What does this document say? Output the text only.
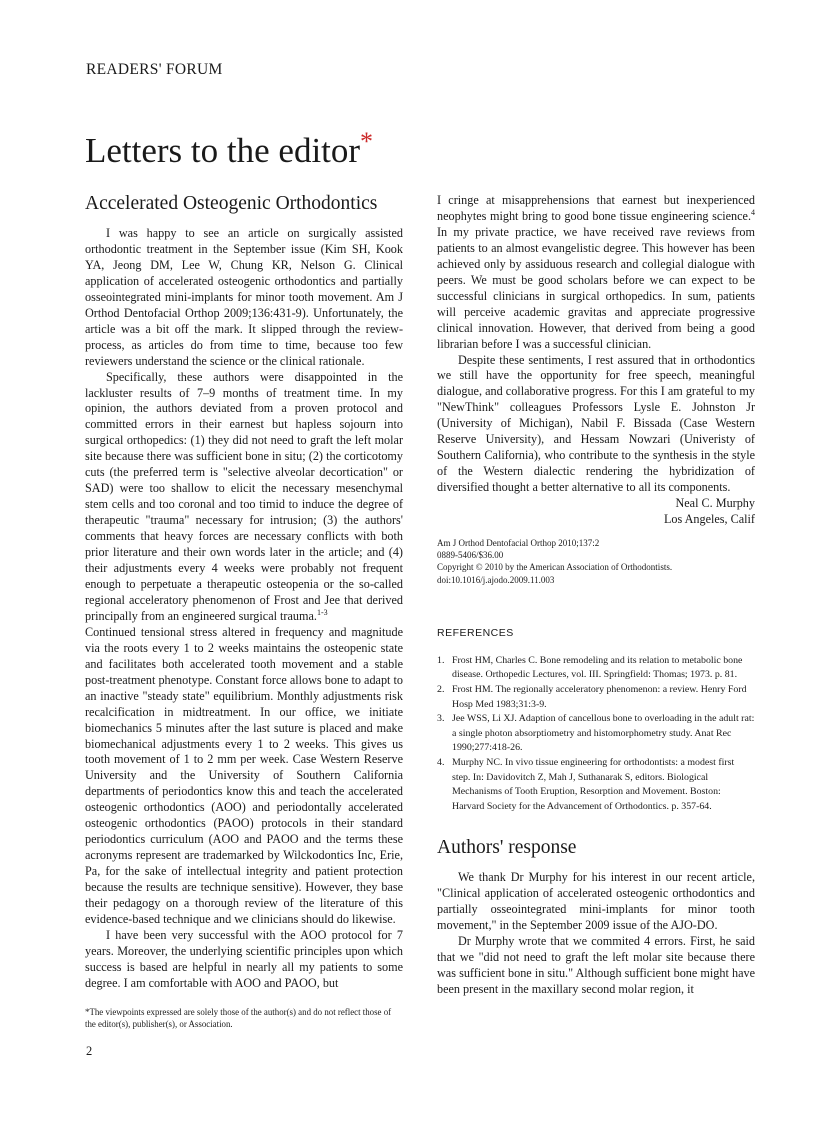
READERS' FORUM
Letters to the editor*
Accelerated Osteogenic Orthodontics

I was happy to see an article on surgically assisted orthodontic treatment in the September issue (Kim SH, Kook YA, Jeong DM, Lee W, Chung KR, Nelson G. Clinical application of accelerated osteogenic orthodontics and partially osseointegrated mini-implants for minor tooth movement. Am J Orthod Dentofacial Orthop 2009;136:431-9). Unfortunately, the article was a bit off the mark. It slipped through the review-process, as articles do from time to time, because too few reviewers understand the science or the clinical rationale.

Specifically, these authors were disappointed in the lackluster results of 7–9 months of treatment time. In my opinion, the authors deviated from a proven protocol and committed errors in their earnest but hapless sojourn into surgical orthopedics: (1) they did not need to graft the left molar site because there was sufficient bone in situ; (2) the corticotomy cuts (the preferred term is "selective alveolar decortication" or SAD) were too shallow to elicit the necessary mesenchymal stem cells and too coronal and too timid to induce the degree of therapeutic "trauma" necessary for intrusion; (3) the authors' comments that heavy forces are necessary conflicts with both prior literature and their own words later in the article; and (4) their adjustments every 4 weeks were probably not frequent enough to perpetuate a therapeutic osteopenia or the so-called regional acceleratory phenomenon of Frost and Jee that derived principally from an engineered surgical trauma.$^{1-3}$

Continued tensional stress altered in frequency and magnitude via the roots every 1 to 2 weeks maintains the osteopenic state and facilitates both accelerated tooth movement and a stable post-treatment phenotype. Constant force allows bone to adapt to an inactive "steady state" equilibrium. Monthly adjustments risk recalcification in midtreatment. In our office, we initiate biomechanics 5 minutes after the last suture is placed and make biomechanical adjustments every 1 to 2 weeks. This gives us tooth movement of 1 to 2 mm per week. Case Western Reserve University and the University of Southern California departments of periodontics know this and teach the accelerated osteogenic orthodontics (AOO) and periodontally accelerated osteogenic orthodontics (PAOO) protocols in their standard periodontics curriculum (AOO and PAOO and the terms these acronyms represent are trademarked by Wilckodontics Inc, Erie, Pa, for the sake of intellectual integrity and patient protection because the results are technique sensitive). However, they base their pedagogy on a thorough review of the literature of this evidence-based technique and we clinicians should do likewise.

I have been very successful with the AOO protocol for 7 years. Moreover, the underlying scientific principles upon which success is based are helpful in nearly all my patients to some degree. I am comfortable with AOO and PAOO, but

I cringe at misapprehensions that earnest but inexperienced neophytes might bring to good bone tissue engineering science.$^4$ In my private practice, we have received rave reviews from patients to an almost evangelistic degree. This however has been achieved only by assiduous research and collegial dialogue with peers. We must be good scholars before we can expect to be successful clinicians in surgical orthopedics. In sum, patients will perceive academic gravitas and appreciate progressive clinical innovation. However, that derived from being a good librarian before I was a successful clinician.

Despite these sentiments, I rest assured that in orthodontics we still have the opportunity for free speech, meaningful dialogue, and collaborative progress. For this I am grateful to my "NewThink" colleagues Professors Lysle E. Johnston Jr (University of Michigan), Nabil F. Bissada (Case Western Reserve University), and Hessam Nowzari (Univeristy of Southern California), who contribute to the synthesis in the style of the Western dialectic rendering the hybridization of diversified thought a better alternative to all its components.

Neal C. Murphy

Los Angeles, Calif

Am J Orthod Dentofacial Orthop 2010;137:2
0889-5406/$36.00
Copyright © 2010 by the American Association of Orthodontists.
doi:10.1016/j.ajodo.2009.11.003
REFERENCES
1. Frost HM, Charles C. Bone remodeling and its relation to metabolic bone disease. Orthopedic Lectures, vol. III. Springfield: Thomas; 1973. p. 81.
2. Frost HM. The regionally acceleratory phenomenon: a review. Henry Ford Hosp Med 1983;31:3-9.
3. Jee WSS, Li XJ. Adaption of cancellous bone to overloading in the adult rat: a single photon absorptiometry and histomorphometry study. Anat Rec 1990;277:418-26.
4. Murphy NC. In vivo tissue engineering for orthodontists: a modest first step. In: Davidovitch Z, Mah J, Suthanarak S, editors. Biological Mechanisms of Tooth Eruption, Resorption and Movement. Boston: Harvard Society for the Advancement of Orthodontics. p. 357-64.
Authors' response

We thank Dr Murphy for his interest in our recent article, "Clinical application of accelerated osteogenic orthodontics and partially osseointegrated mini-implants for minor tooth movement," in the September 2009 issue of the AJO-DO.

Dr Murphy wrote that we commited 4 errors. First, he said that we "did not need to graft the left molar site because there was sufficient bone in situ." Although sufficient bone might have been present in the maxillary second molar region, it

*The viewpoints expressed are solely those of the author(s) and do not reflect those of the editor(s), publisher(s), or Association.
2
